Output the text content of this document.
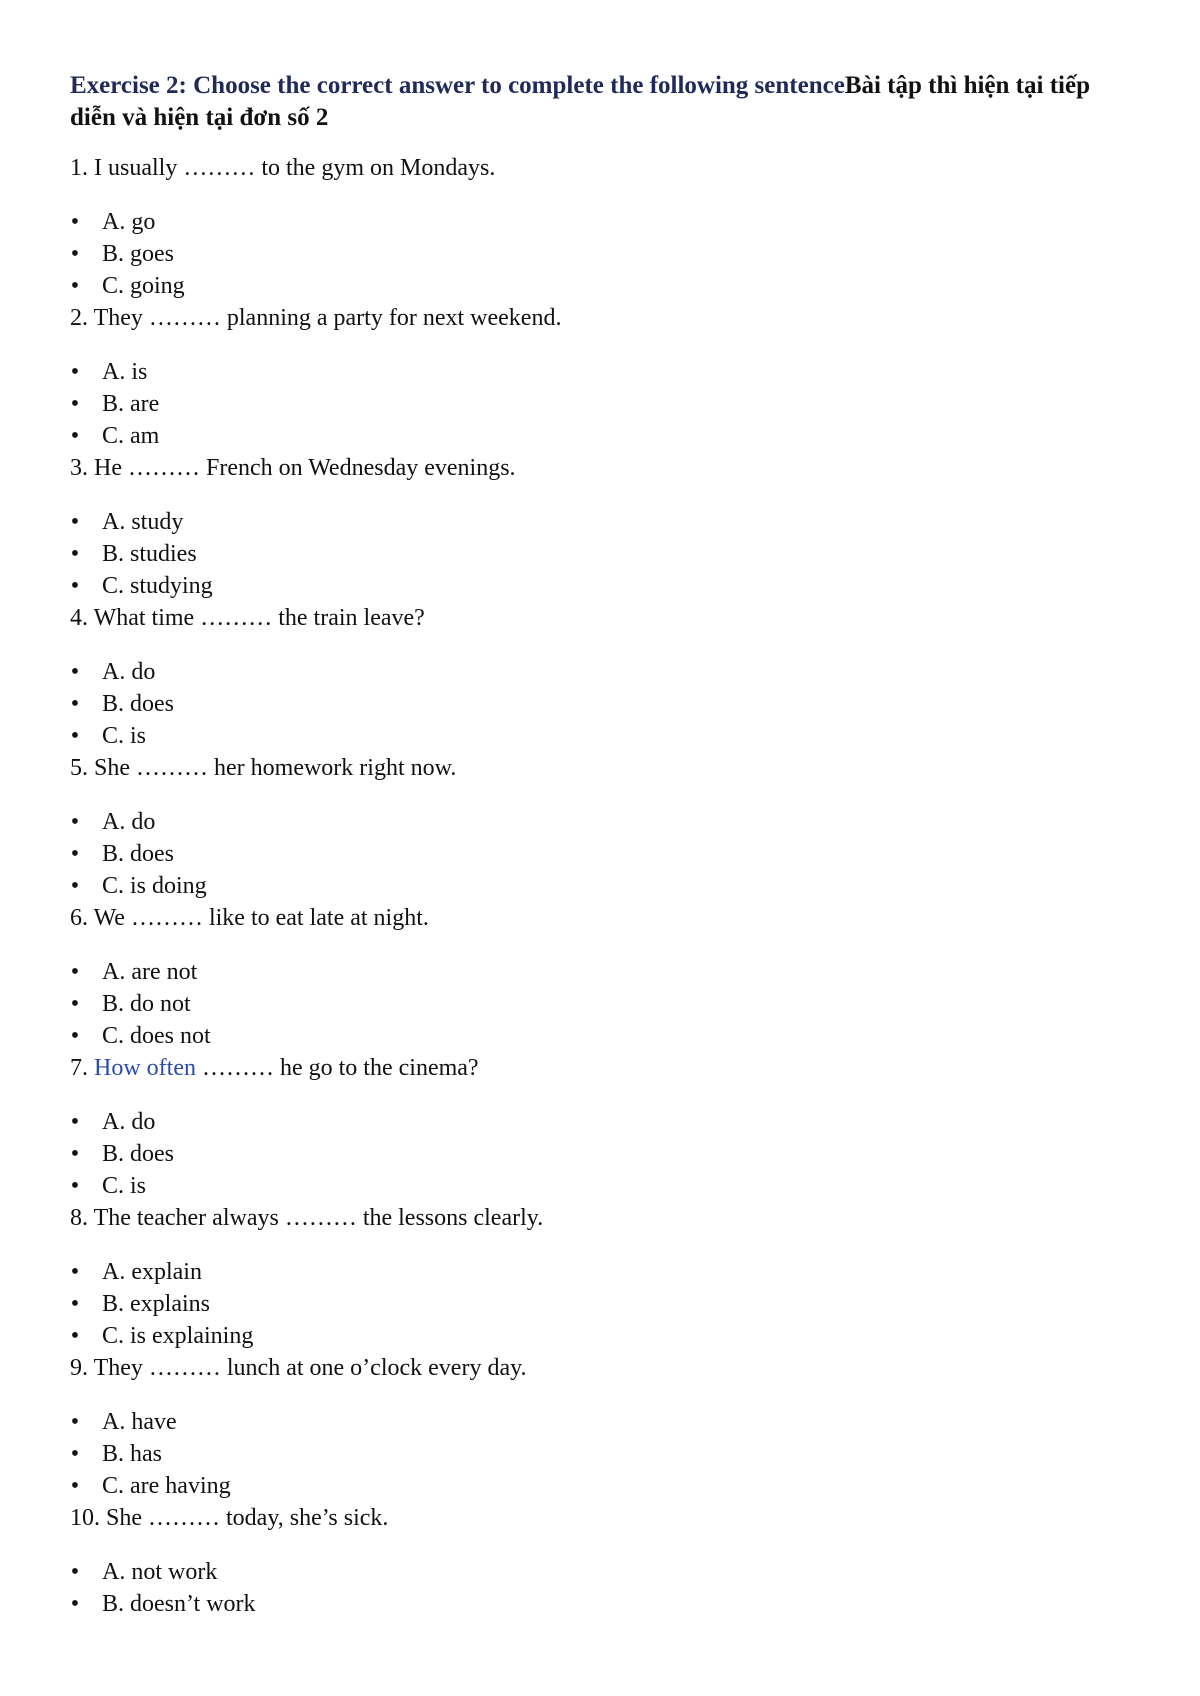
Exercise 2: Choose the correct answer to complete the following sentenceBài tập thì hiện tại tiếp diễn và hiện tại đơn số 2

1. I usually ……… to the gym on Mondays.

• A. go
• B. goes
• C. going

2. They ……… planning a party for next weekend.

• A. is
• B. are
• C. am

3. He ……… French on Wednesday evenings.

• A. study
• B. studies
• C. studying

4. What time ……… the train leave?

• A. do
• B. does
• C. is

5. She ……… her homework right now.

• A. do
• B. does
• C. is doing

6. We ……… like to eat late at night.

• A. are not
• B. do not
• C. does not

7. How often ……… he go to the cinema?

• A. do
• B. does
• C. is

8. The teacher always ……… the lessons clearly.

• A. explain
• B. explains
• C. is explaining

9. They ……… lunch at one o’clock every day.

• A. have
• B. has
• C. are having

10. She ……… today, she’s sick.

• A. not work
• B. doesn’t work
